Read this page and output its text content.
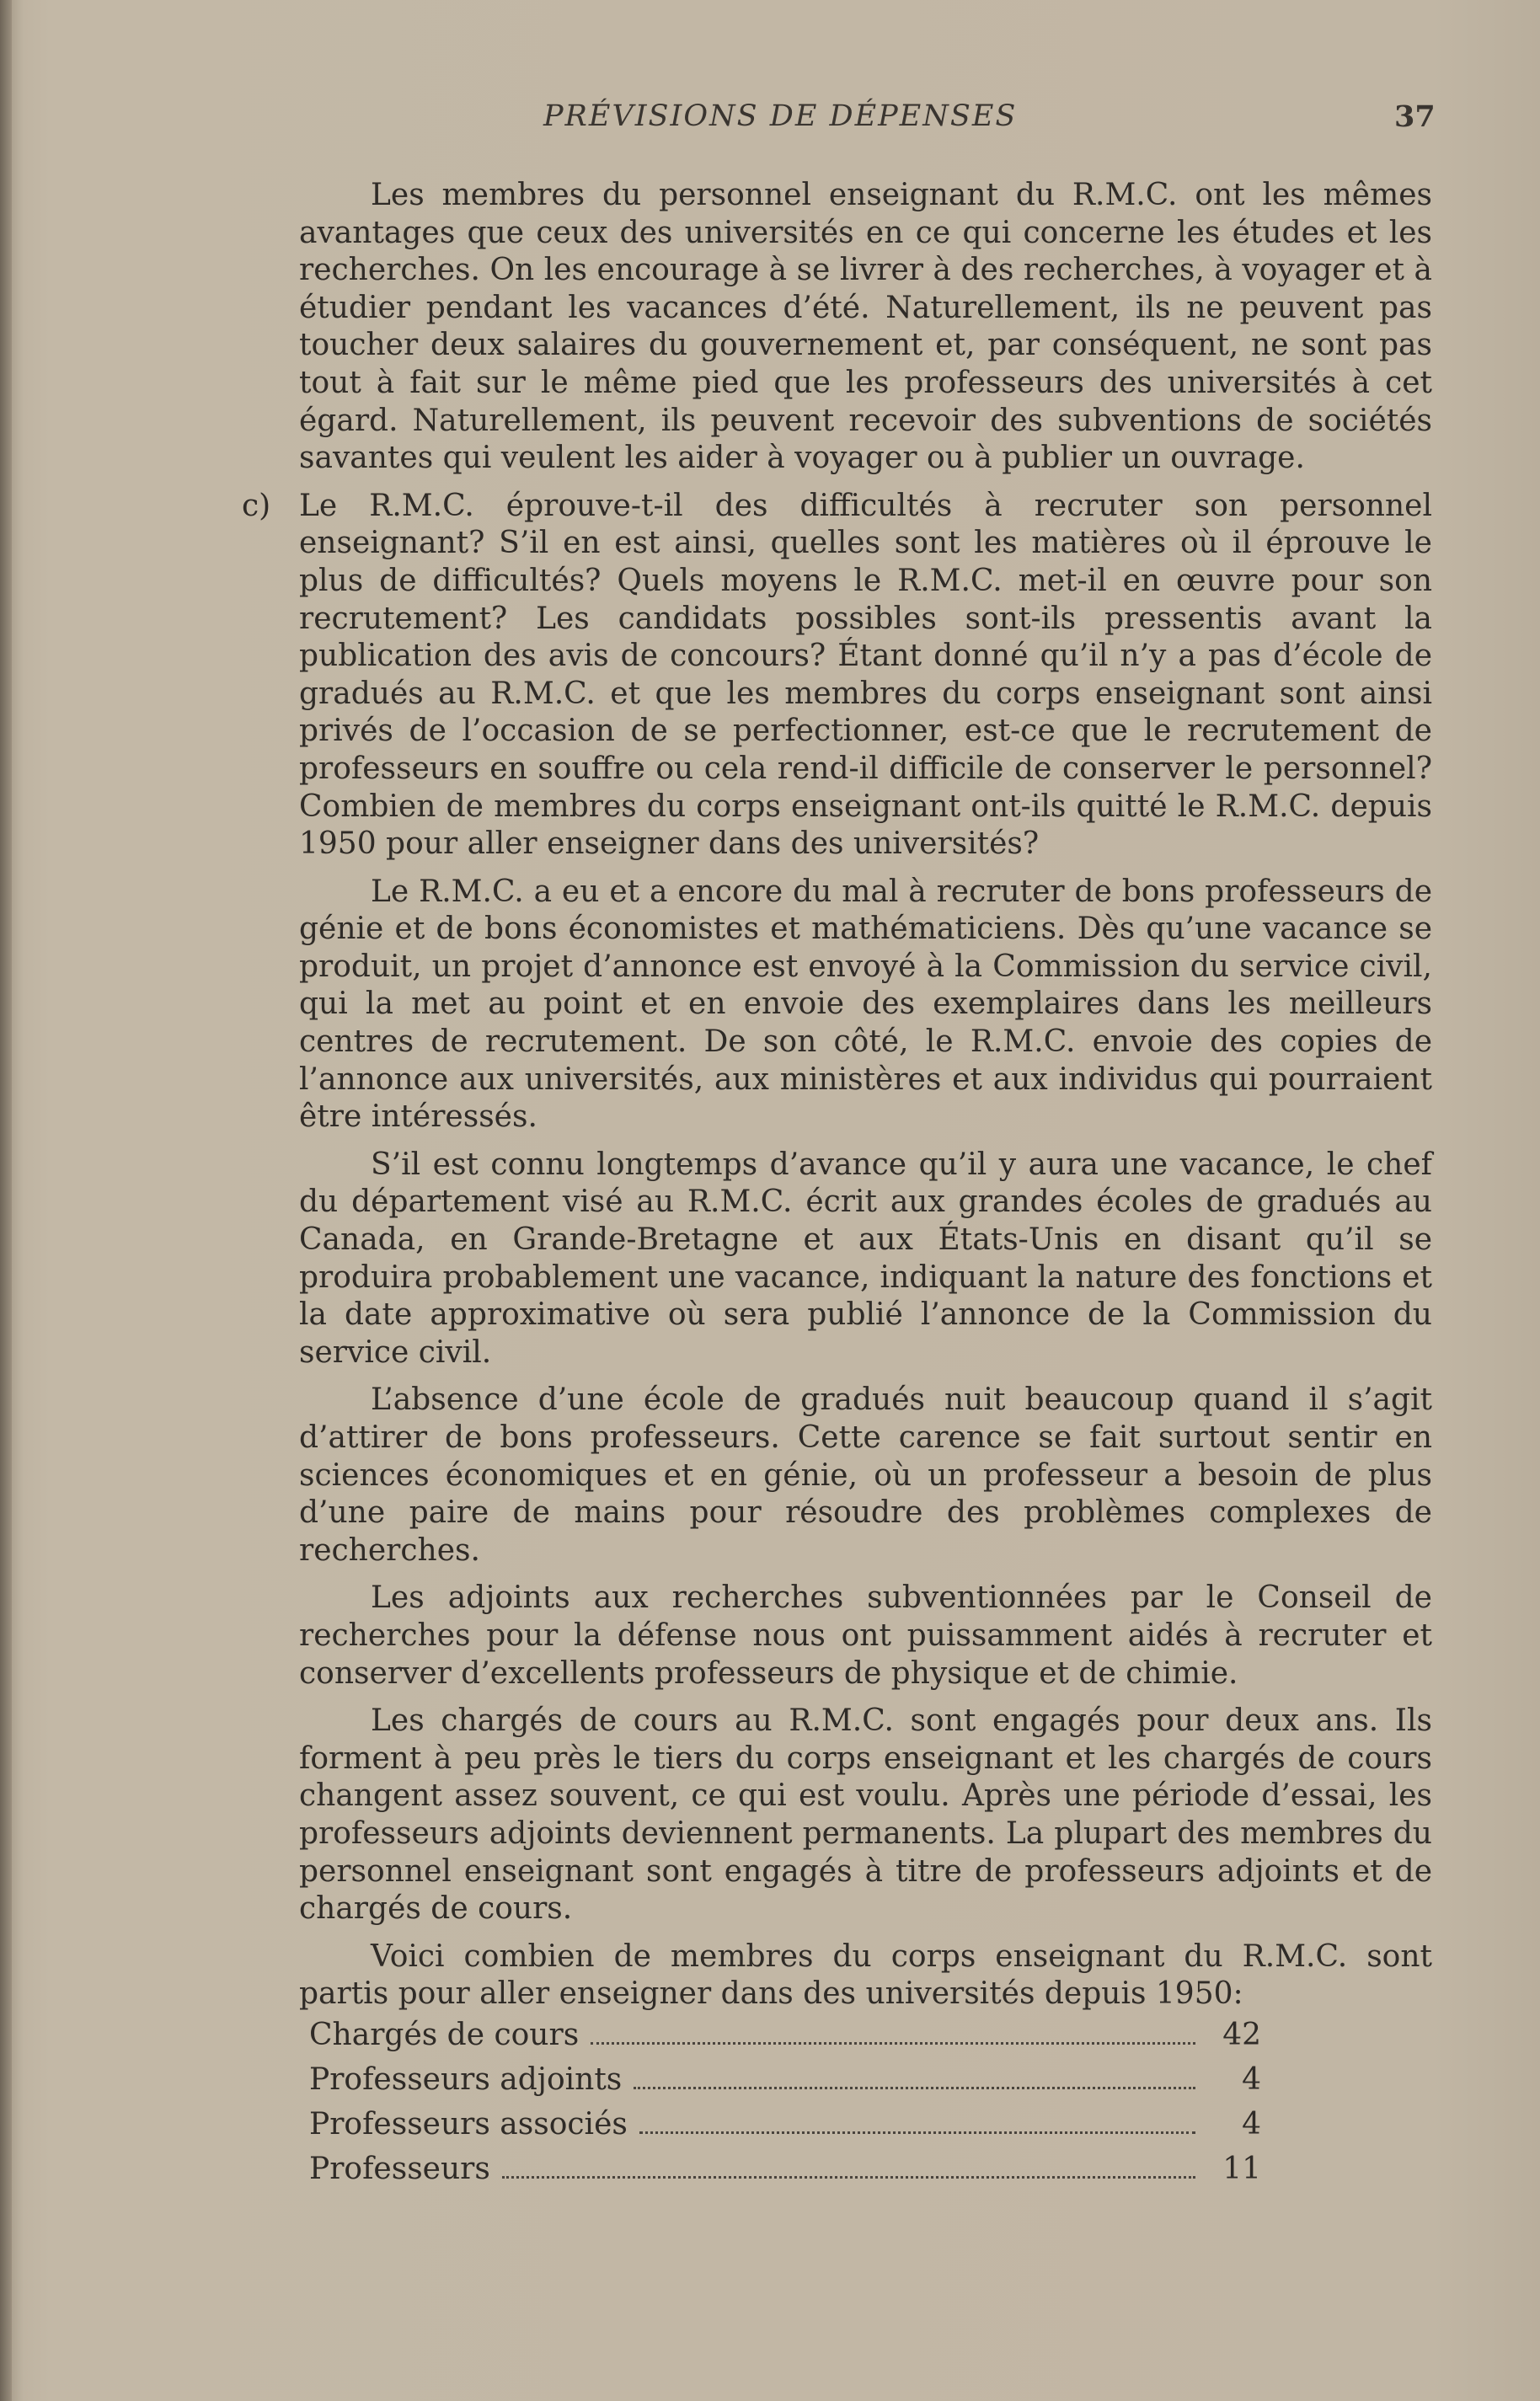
PRÉVISIONS DE DÉPENSES	37

Les membres du personnel enseignant du R.M.C. ont les mêmes avantages que ceux des universités en ce qui concerne les études et les recherches. On les encourage à se livrer à des recherches, à voyager et à étudier pendant les vacances d’été. Naturellement, ils ne peuvent pas toucher deux salaires du gouvernement et, par conséquent, ne sont pas tout à fait sur le même pied que les professeurs des universités à cet égard. Naturellement, ils peuvent recevoir des subventions de sociétés savantes qui veulent les aider à voyager ou à publier un ouvrage.

c) Le R.M.C. éprouve-t-il des difficultés à recruter son personnel enseignant? S’il en est ainsi, quelles sont les matières où il éprouve le plus de difficultés? Quels moyens le R.M.C. met-il en œuvre pour son recrutement? Les candidats possibles sont-ils pressentis avant la publication des avis de concours? Étant donné qu’il n’y a pas d’école de gradués au R.M.C. et que les membres du corps enseignant sont ainsi privés de l’occasion de se perfectionner, est-ce que le recrutement de professeurs en souffre ou cela rend-il difficile de conserver le personnel? Combien de membres du corps enseignant ont-ils quitté le R.M.C. depuis 1950 pour aller enseigner dans des universités?

Le R.M.C. a eu et a encore du mal à recruter de bons professeurs de génie et de bons économistes et mathématiciens. Dès qu’une vacance se produit, un projet d’annonce est envoyé à la Commission du service civil, qui la met au point et en envoie des exemplaires dans les meilleurs centres de recrutement. De son côté, le R.M.C. envoie des copies de l’annonce aux universités, aux ministères et aux individus qui pourraient être intéressés.

S’il est connu longtemps d’avance qu’il y aura une vacance, le chef du département visé au R.M.C. écrit aux grandes écoles de gradués au Canada, en Grande-Bretagne et aux États-Unis en disant qu’il se produira probablement une vacance, indiquant la nature des fonctions et la date approximative où sera publié l’annonce de la Commission du service civil.

L’absence d’une école de gradués nuit beaucoup quand il s’agit d’attirer de bons professeurs. Cette carence se fait surtout sentir en sciences économiques et en génie, où un professeur a besoin de plus d’une paire de mains pour résoudre des problèmes complexes de recherches.

Les adjoints aux recherches subventionnées par le Conseil de recherches pour la défense nous ont puissamment aidés à recruter et conserver d’excellents professeurs de physique et de chimie.

Les chargés de cours au R.M.C. sont engagés pour deux ans. Ils forment à peu près le tiers du corps enseignant et les chargés de cours changent assez souvent, ce qui est voulu. Après une période d’essai, les professeurs adjoints deviennent permanents. La plupart des membres du personnel enseignant sont engagés à titre de professeurs adjoints et de chargés de cours.

Voici combien de membres du corps enseignant du R.M.C. sont partis pour aller enseigner dans des universités depuis 1950:

Chargés de cours	42
Professeurs adjoints	4
Professeurs associés	4
Professeurs	11
